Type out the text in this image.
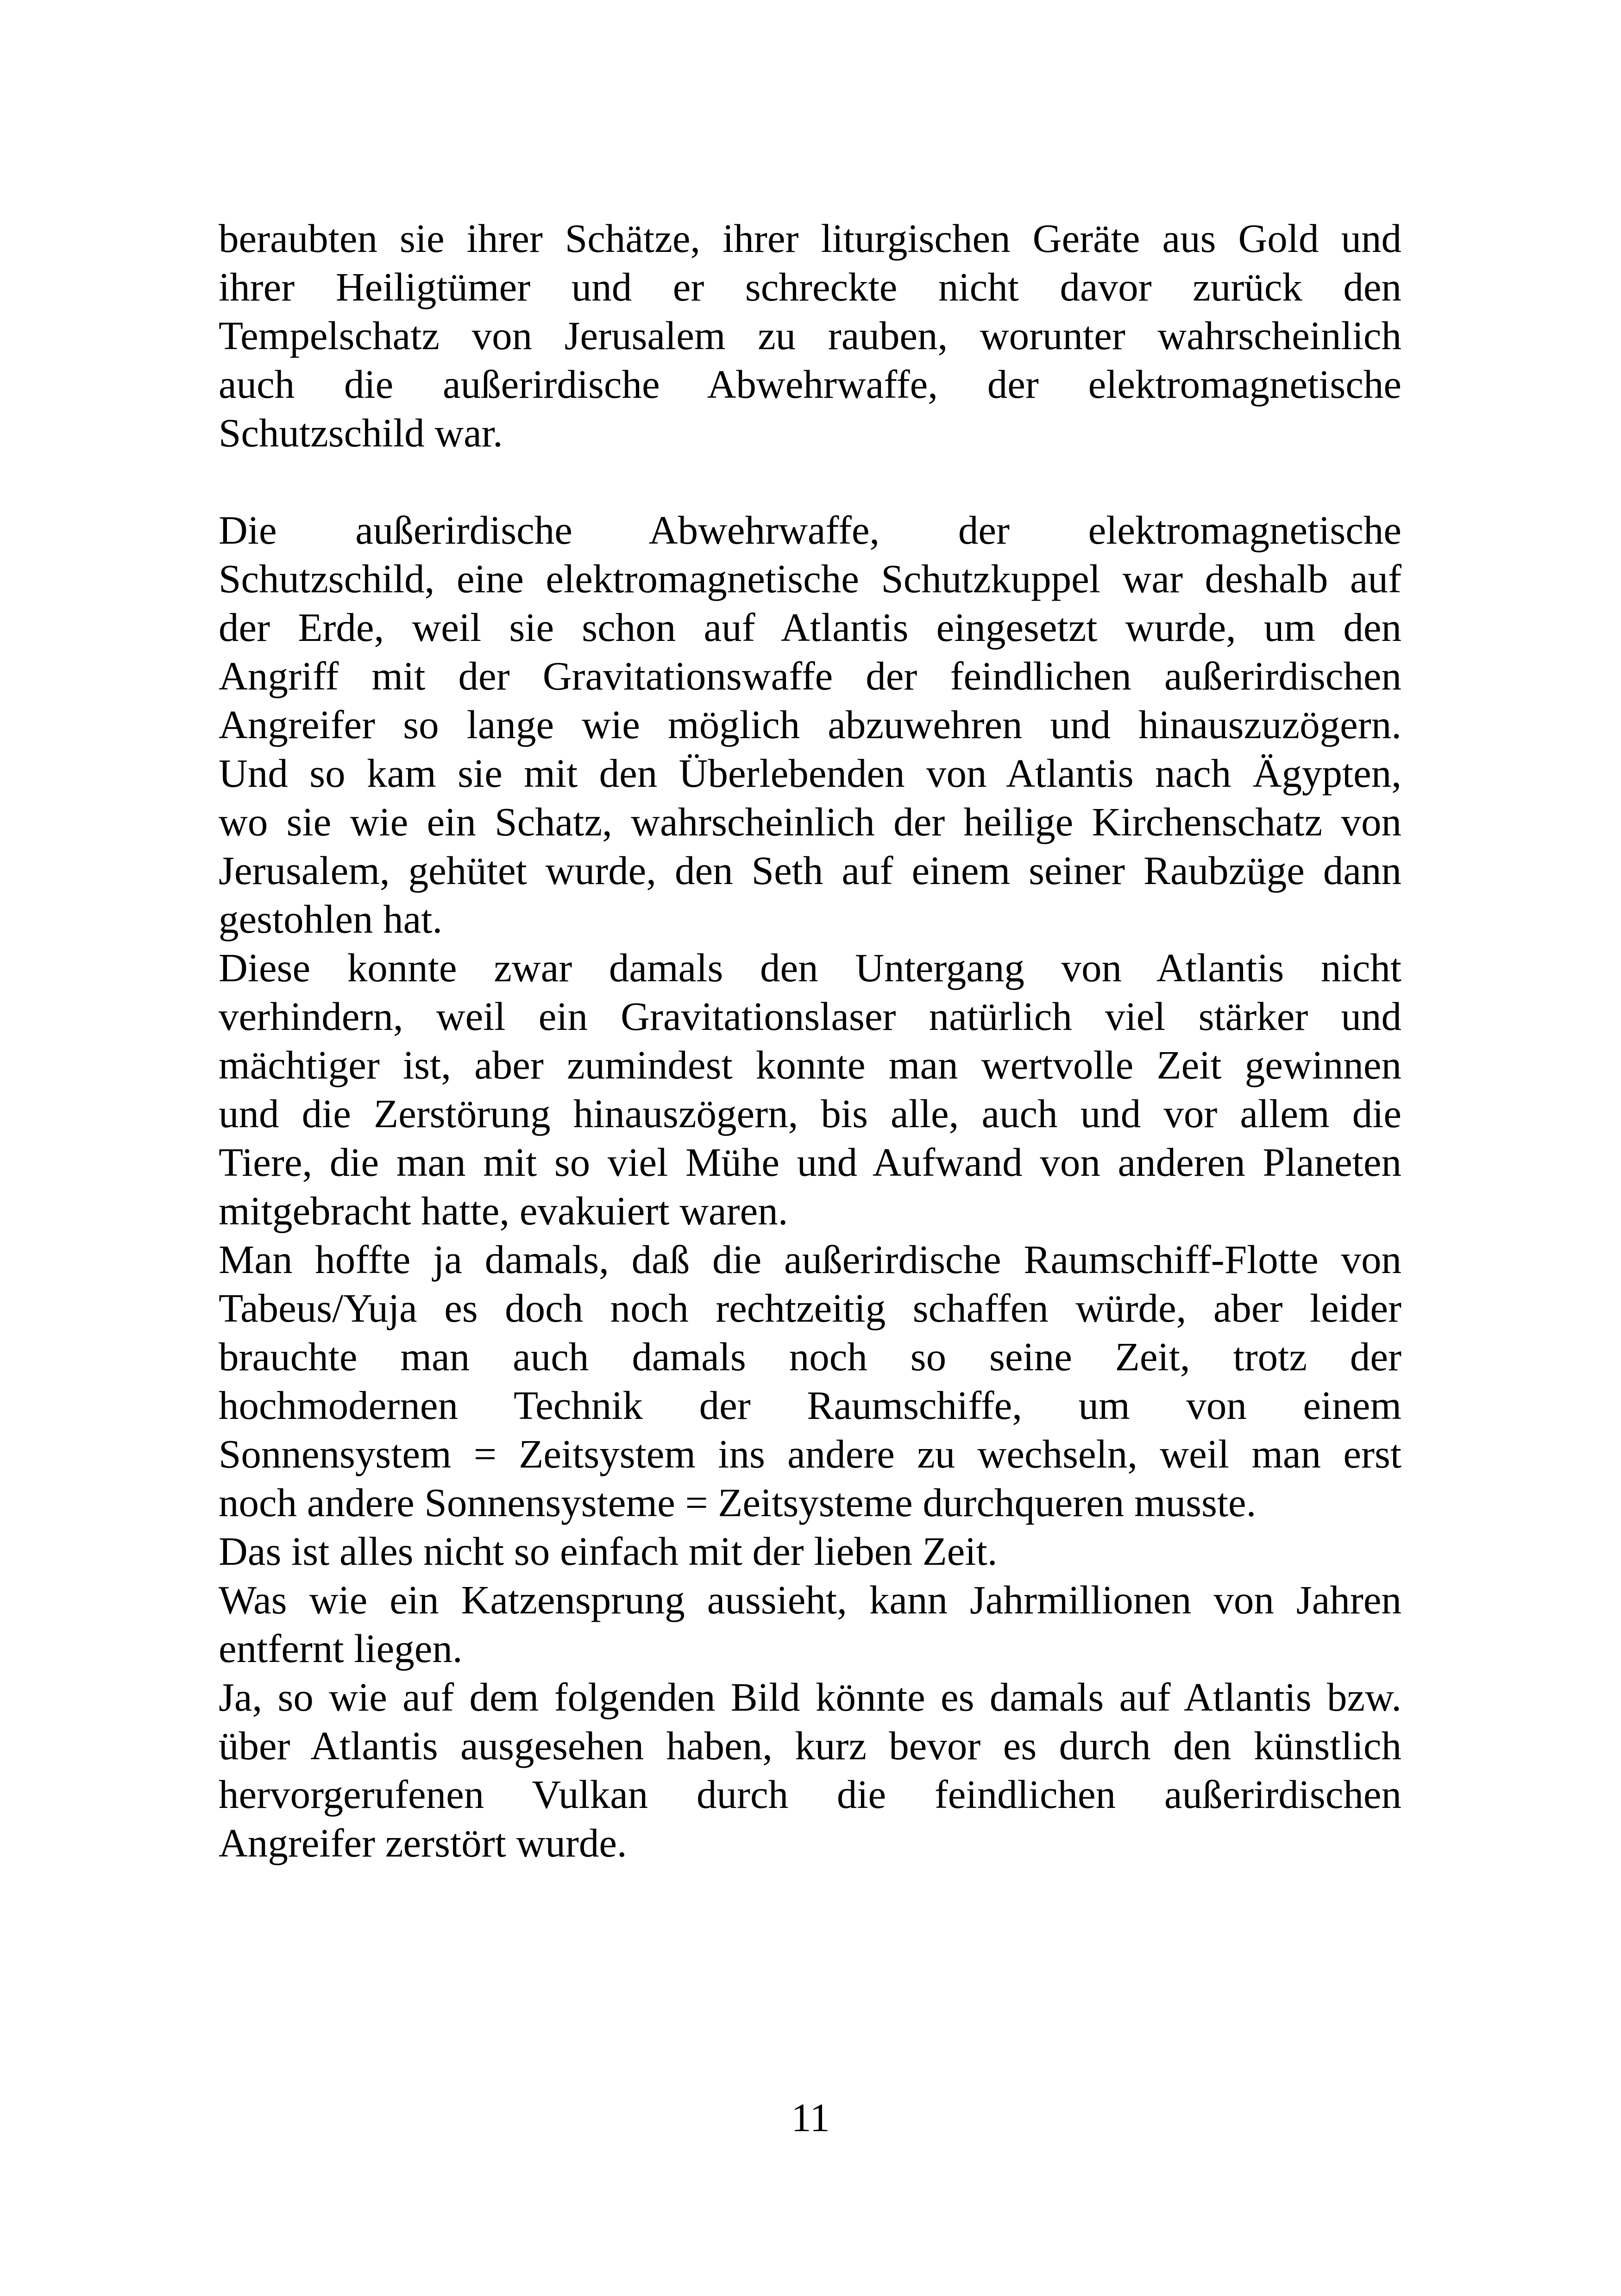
beraubten sie ihrer Schätze, ihrer liturgischen Geräte aus Gold und
ihrer Heiligtümer und er schreckte nicht davor zurück den
Tempelschatz von Jerusalem zu rauben, worunter wahrscheinlich
auch die außerirdische Abwehrwaffe, der elektromagnetische
Schutzschild war.
Die außerirdische Abwehrwaffe, der elektromagnetische
Schutzschild, eine elektromagnetische Schutzkuppel war deshalb auf
der Erde, weil sie schon auf Atlantis eingesetzt wurde, um den
Angriff mit der Gravitationswaffe der feindlichen außerirdischen
Angreifer so lange wie möglich abzuwehren und hinauszuzögern.
Und so kam sie mit den Überlebenden von Atlantis nach Ägypten,
wo sie wie ein Schatz, wahrscheinlich der heilige Kirchenschatz von
Jerusalem, gehütet wurde, den Seth auf einem seiner Raubzüge dann
gestohlen hat.
Diese konnte zwar damals den Untergang von Atlantis nicht
verhindern, weil ein Gravitationslaser natürlich viel stärker und
mächtiger ist, aber zumindest konnte man wertvolle Zeit gewinnen
und die Zerstörung hinauszögern, bis alle, auch und vor allem die
Tiere, die man mit so viel Mühe und Aufwand von anderen Planeten
mitgebracht hatte, evakuiert waren.
Man hoffte ja damals, daß die außerirdische Raumschiff-Flotte von
Tabeus/Yuja es doch noch rechtzeitig schaffen würde, aber leider
brauchte man auch damals noch so seine Zeit, trotz der
hochmodernen Technik der Raumschiffe, um von einem
Sonnensystem = Zeitsystem ins andere zu wechseln, weil man erst
noch andere Sonnensysteme = Zeitsysteme durchqueren musste.
Das ist alles nicht so einfach mit der lieben Zeit.
Was wie ein Katzensprung aussieht, kann Jahrmillionen von Jahren
entfernt liegen.
Ja, so wie auf dem folgenden Bild könnte es damals auf Atlantis bzw.
über Atlantis ausgesehen haben, kurz bevor es durch den künstlich
hervorgerufenen Vulkan durch die feindlichen außerirdischen
Angreifer zerstört wurde.
11
